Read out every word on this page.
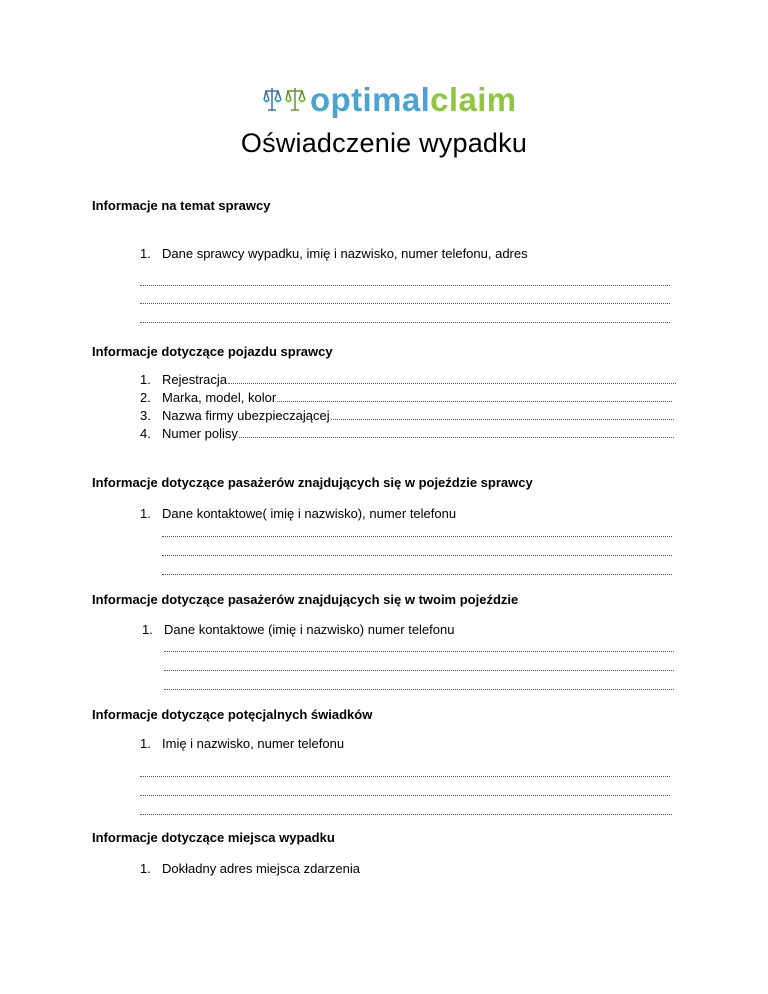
optimalclaim
Oświadczenie wypadku
Informacje na temat sprawcy
1. Dane sprawcy wypadku, imię i nazwisko, numer telefonu, adres
Informacje dotyczące pojazdu sprawcy
1. Rejestracja
2. Marka, model, kolor
3. Nazwa firmy ubezpieczającej
4. Numer polisy
Informacje dotyczące pasażerów znajdujących się w pojeździe sprawcy
1. Dane kontaktowe( imię i nazwisko), numer telefonu
Informacje dotyczące pasażerów znajdujących się w twoim pojeździe
1. Dane kontaktowe (imię i nazwisko) numer telefonu
Informacje dotyczące potęcjalnych świadków
1. Imię i nazwisko, numer telefonu
Informacje dotyczące miejsca wypadku
1. Dokładny adres miejsca zdarzenia
